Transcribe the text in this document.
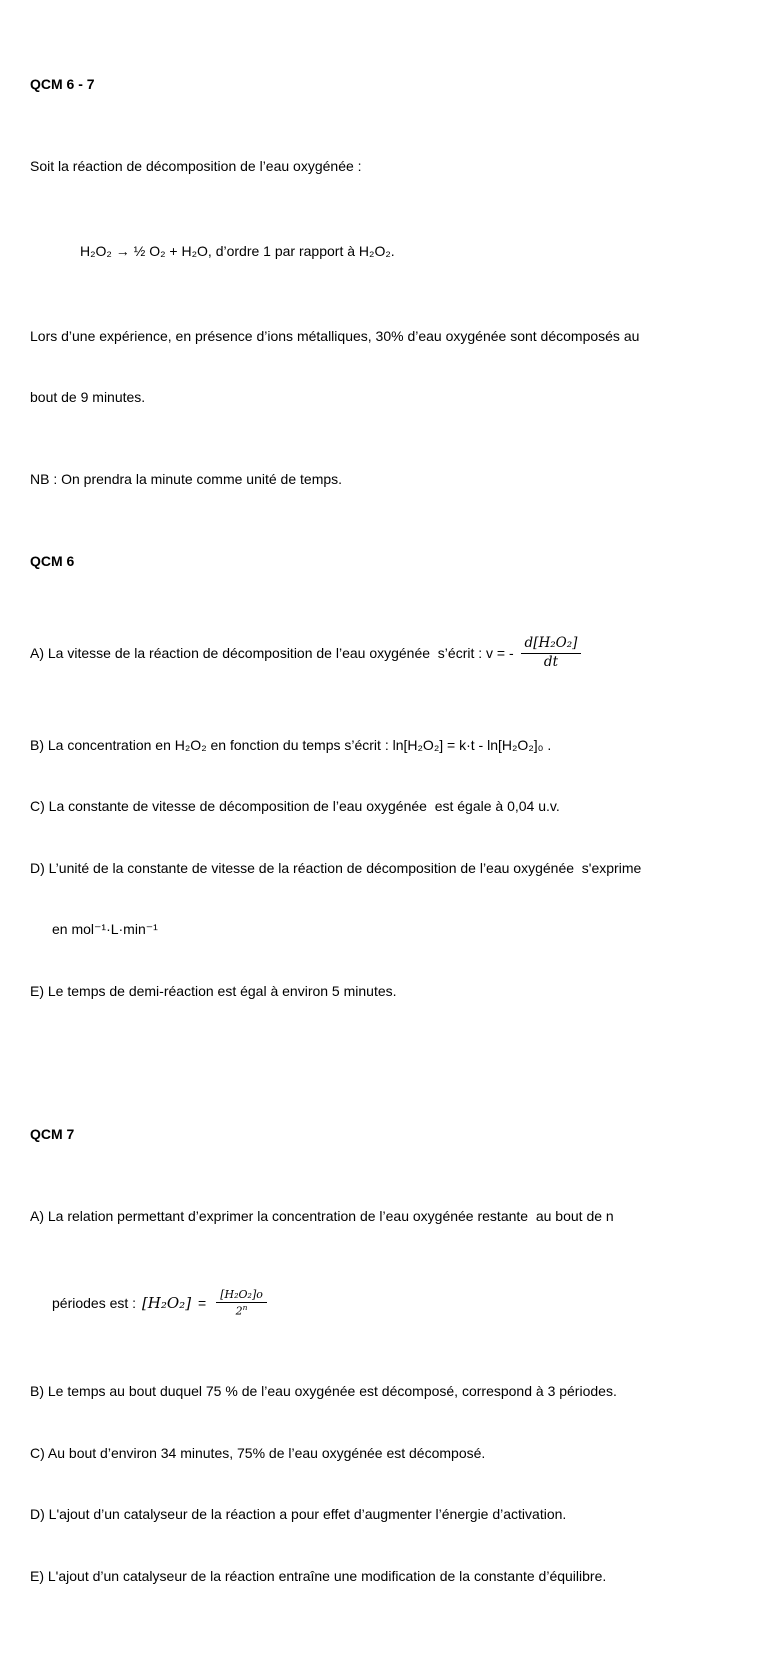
QCM 6 - 7

Soit la réaction de décomposition de l’eau oxygénée :

H₂O₂ → ½ O₂ + H₂O, d’ordre 1 par rapport à H₂O₂.

Lors d’une expérience, en présence d’ions métalliques, 30% d’eau oxygénée sont décomposés au

bout de 9 minutes.

NB : On prendra la minute comme unité de temps.

QCM 6

A) La vitesse de la réaction de décomposition de l’eau oxygénée  s’écrit : v = - $\frac{\text{d[H₂O₂]}}{dt}$

B) La concentration en H₂O₂ en fonction du temps s’écrit : ln[H₂O₂] = k·t - ln[H₂O₂]₀ .

C) La constante de vitesse de décomposition de l’eau oxygénée  est égale à 0,04 u.v.

D) L’unité de la constante de vitesse de la réaction de décomposition de l’eau oxygénée  s'exprime

en mol⁻¹·L·min⁻¹

E) Le temps de demi-réaction est égal à environ 5 minutes.

QCM 7

A) La relation permettant d’exprimer la concentration de l’eau oxygénée restante  au bout de n

périodes est : $[H_2O_2] = \frac{\text{[H₂O₂]o}}{2^n}$

B) Le temps au bout duquel 75 % de l’eau oxygénée est décomposé, correspond à 3 périodes.

C) Au bout d’environ 34 minutes, 75% de l’eau oxygénée est décomposé.

D) L'ajout d’un catalyseur de la réaction a pour effet d’augmenter l’énergie d’activation.

E) L'ajout d’un catalyseur de la réaction entraîne une modification de la constante d’équilibre.
